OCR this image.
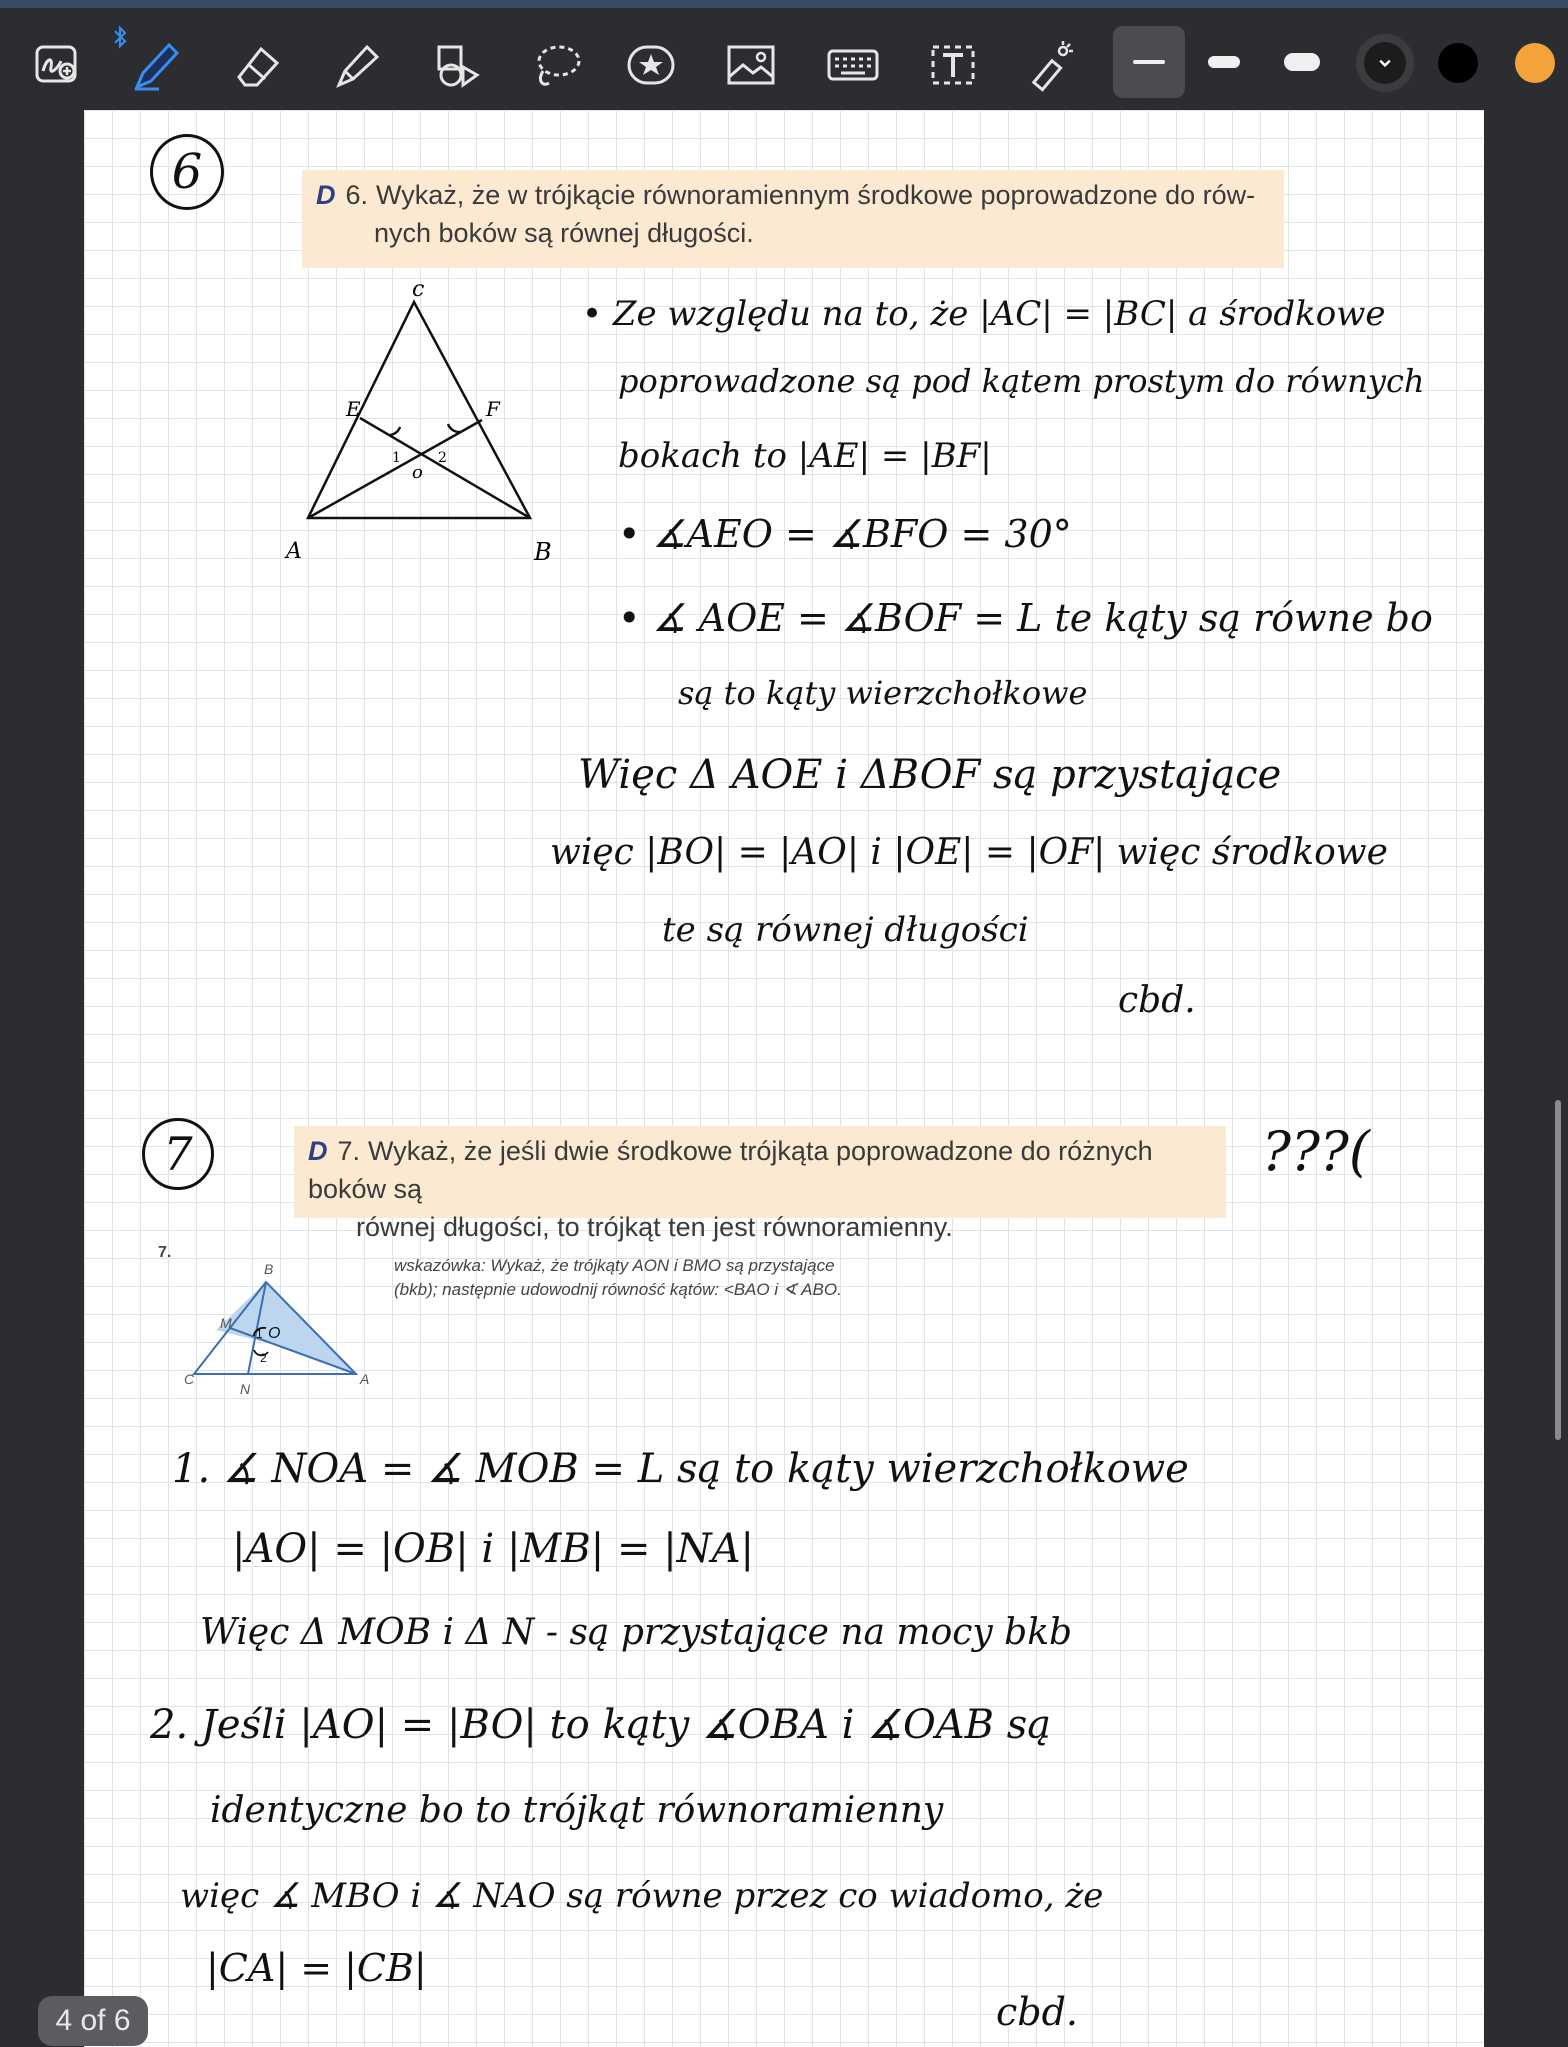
6	D 6. Wykaż, że w trójkącie równoramiennym środkowe poprowadzone do rów-
nych boków są równej długości.
c
E	F
A	B
o
1	2
• Ze względu na to, że |AC| = |BC| a środkowe
poprowadzone są pod kątem prostym do równych
bokach to |AE| = |BF|
• ∡AEO = ∡BFO = 30°
• ∡ AOE = ∡BOF = L te kąty są równe bo
są to kąty wierzchołkowe
Więc Δ AOE i ΔBOF są przystające
więc |BO| = |AO| i |OE| = |OF| więc środkowe
te są równej długości
cbd.
7	D 7. Wykaż, że jeśli dwie środkowe trójkąta poprowadzone do różnych boków są
równej długości, to trójkąt ten jest równoramienny.
???(
7.
wskazówka: Wykaż, że trójkąty AON i BMO są przystające
(bkb); następnie udowodnij równość kątów: <BAO i ∢ ABO.
B
M
O
C
N
A
1
2
1. ∡ NOA = ∡ MOB = L są to kąty wierzchołkowe
|AO| = |OB| i |MB| = |NA|
Więc Δ MOB i Δ N - są przystające na mocy bkb
2. Jeśli |AO| = |BO| to kąty ∡OBA i ∡OAB są
identyczne bo to trójkąt równoramienny
więc ∡ MBO i ∡ NAO są równe przez co wiadomo, że
|CA| = |CB|
cbd.
4 of 6
